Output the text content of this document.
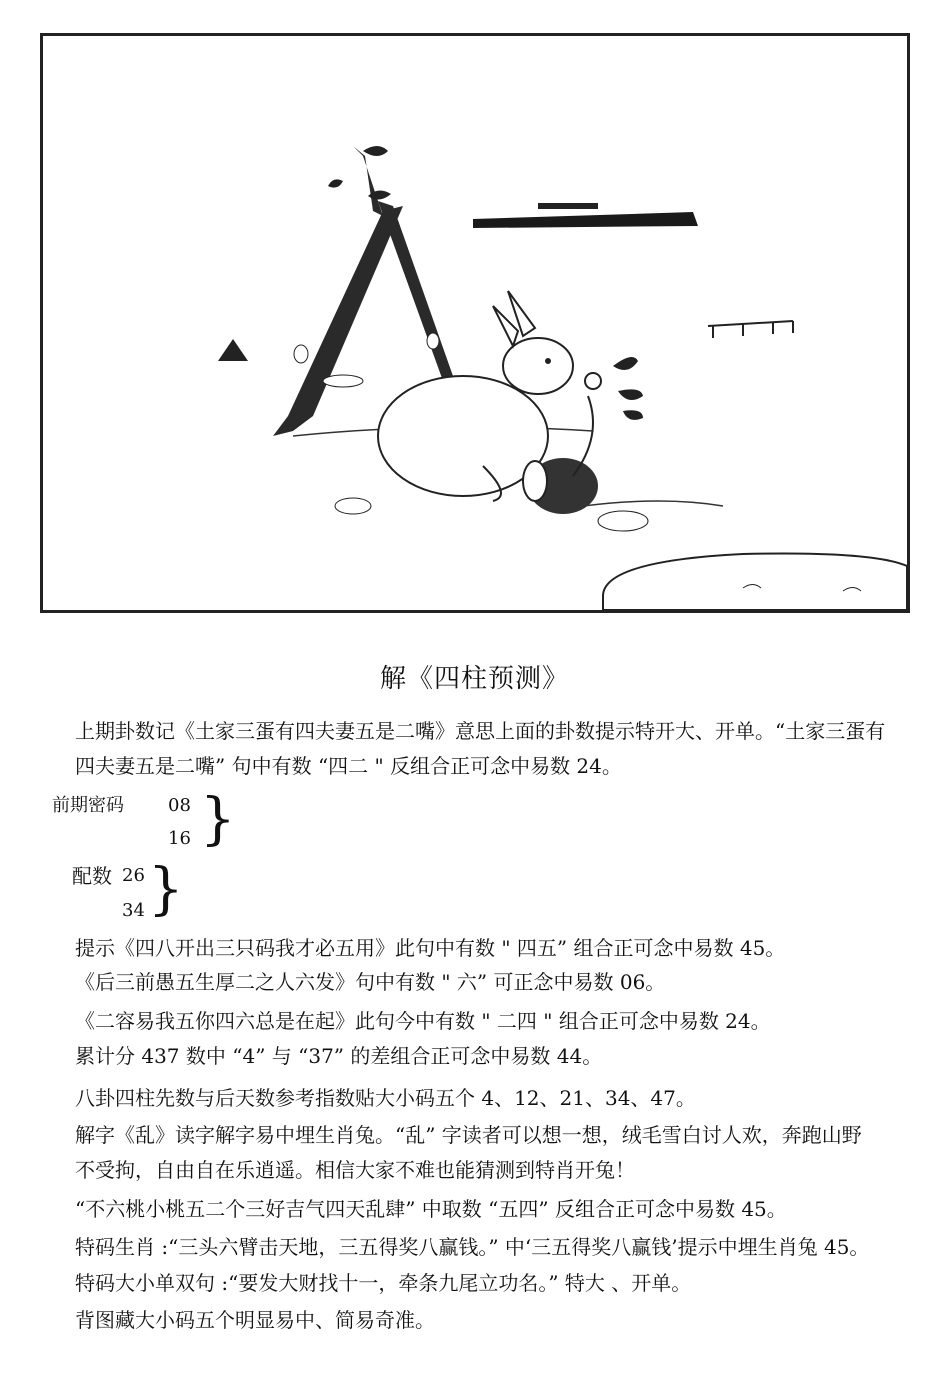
解《四柱预测》
上期卦数记《土家三蛋有四夫妻五是二嘴》意思上面的卦数提示特开大、开单。“土家三蛋有
四夫妻五是二嘴” 句中有数 “四二 " 反组合正可念中易数 24。
前期密码 08
16 }
配数 26
34 }
提示《四八开出三只码我才必五用》此句中有数 " 四五” 组合正可念中易数 45。
《后三前愚五生厚二之人六发》句中有数 " 六” 可正念中易数 06。
《二容易我五你四六总是在起》此句今中有数 " 二四 " 组合正可念中易数 24。
累计分 437 数中 “4” 与 “37” 的差组合正可念中易数 44。
八卦四柱先数与后天数参考指数贴大小码五个 4、12、21、34、47。
解字《乱》读字解字易中埋生肖兔。“乱” 字读者可以想一想，绒毛雪白讨人欢，奔跑山野
不受拘，自由自在乐逍遥。相信大家不难也能猜测到特肖开兔！
“不六桃小桃五二个三好吉气四天乱肆” 中取数 “五四” 反组合正可念中易数 45。
特码生肖 :“三头六臂击天地，三五得奖八赢钱。” 中‘三五得奖八赢钱’提示中埋生肖兔 45。
特码大小单双句 :“要发大财找十一，牵条九尾立功名。” 特大 、开单。
背图藏大小码五个明显易中、简易奇准。
